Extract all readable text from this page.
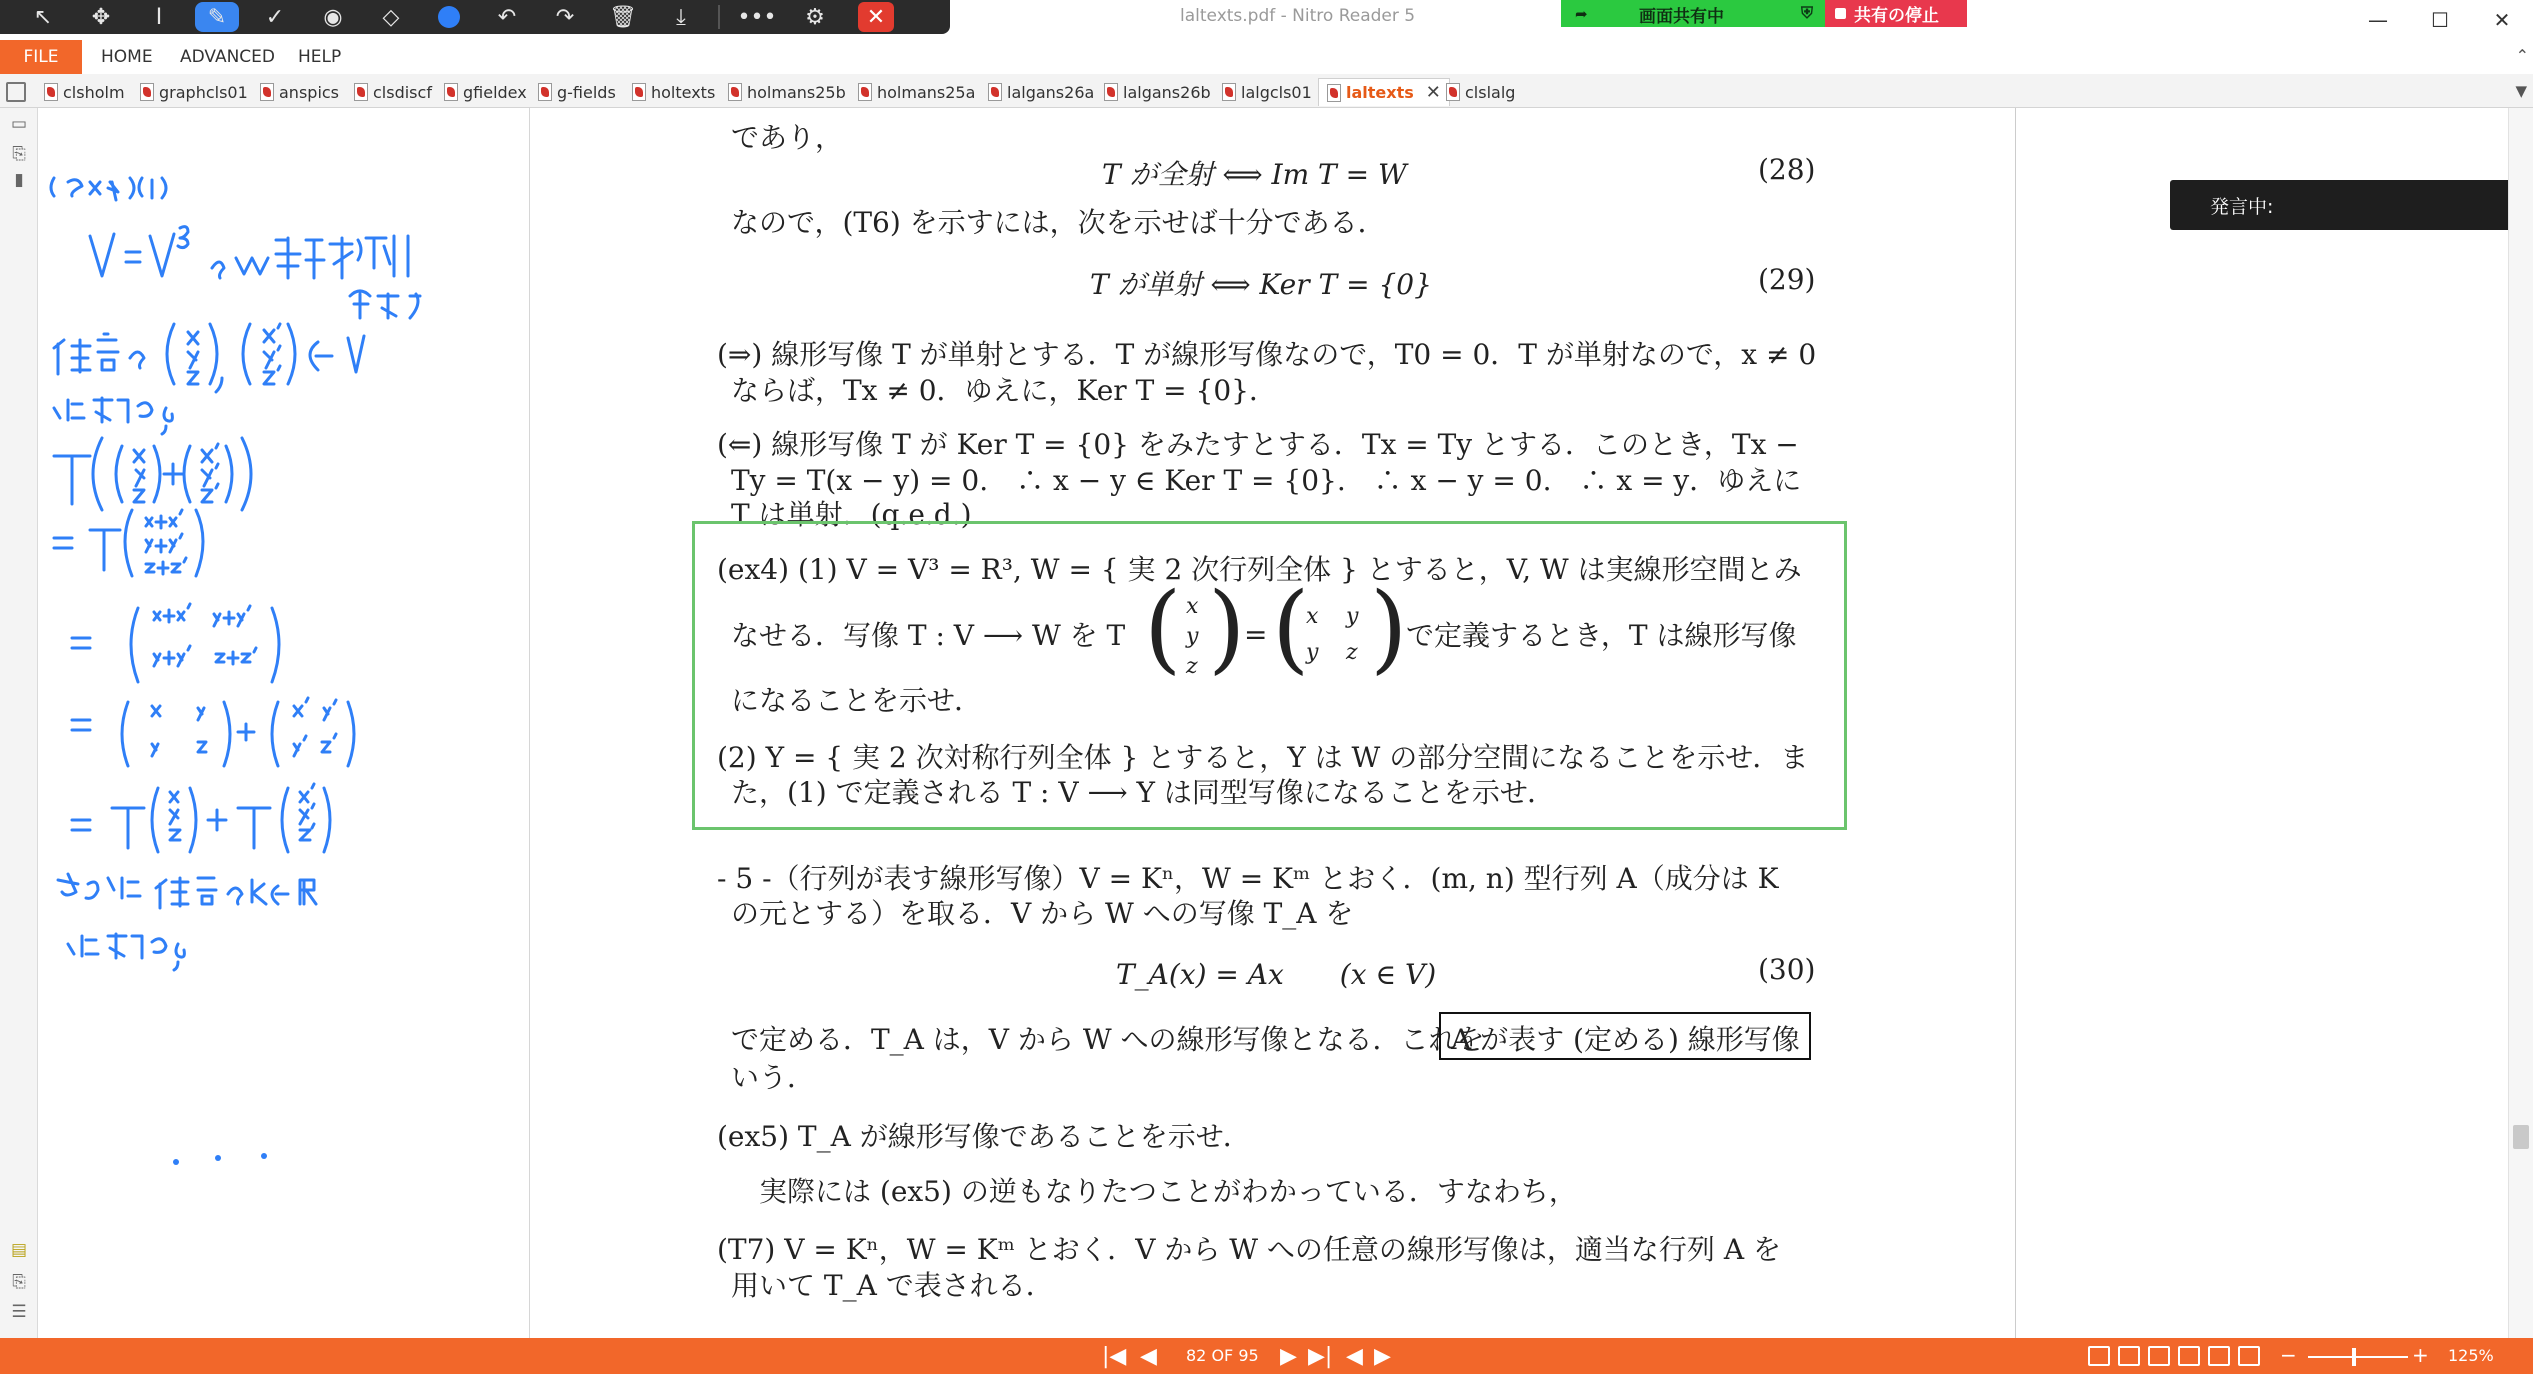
laltexts.pdf - Nitro Reader 5	—	☐	✕
↖	✥	I	✎	✓	◉	◇	↶	↷	🗑	⤓	•••	⚙	✕	➦	画面共有中	⛨ 共有の停止
FILE	HOME ADVANCED HELP	⌃
clsholm graphcls01 anspics clsdiscf gfieldex g-fields holtexts holmans25b holmans25a lalgans26a lalgans26b lalgcls01 laltexts ✕ clslalg	▼
▭
⎘
▮
▤
⎘
☰
であり，
T が全射 ⟺ Im T = W	(28)
なので，(T6) を示すには，次を示せば十分である．
T が単射 ⟺ Ker T = {0}	(29)
(⇒) 線形写像 T が単射とする．T が線形写像なので，T0 = 0．T が単射なので，x ≠ 0
ならば，Tx ≠ 0．ゆえに，Ker T = {0}．
(⇐) 線形写像 T が Ker T = {0} をみたすとする．Tx = Ty とする．このとき，Tx −
Ty = T(x − y) = 0.　∴ x − y ∈ Ker T = {0}.　∴ x − y = 0.　∴ x = y．ゆえに
T は単射．(q.e.d.)
(ex4) (1) V = V³ = R³, W = { 実 2 次行列全体 } とすると，V, W は実線形空間とみ
なせる．写像 T : V ⟶ W を T ( x
y
z )
= (
x y
y z )
で定義するとき，T は線形写像
になることを示せ．
(2) Y = { 実 2 次対称行列全体 } とすると，Y は W の部分空間になることを示せ．ま
た，(1) で定義される T : V ⟶ Y は同型写像になることを示せ．
- 5 -（行列が表す線形写像）V = Kⁿ，W = Kᵐ とおく．(m, n) 型行列 A（成分は K
の元とする）を取る．V から W への写像 T_A を
T_A(x) = Ax　　(x ∈ V)	(30)
で定める．T_A は，V から W への線形写像となる．これを
A が表す (定める) 線形写像
いう．
(ex5) T_A が線形写像であることを示せ．
実際には (ex5) の逆もなりたつことがわかっている．すなわち，
(T7) V = Kⁿ，W = Kᵐ とおく．V から W への任意の線形写像は，適当な行列 A を
用いて T_A で表される．
発言中:
|◀ ◀ 82 OF 95 ▶ ▶| ◀ ▶	−	+ 125%
